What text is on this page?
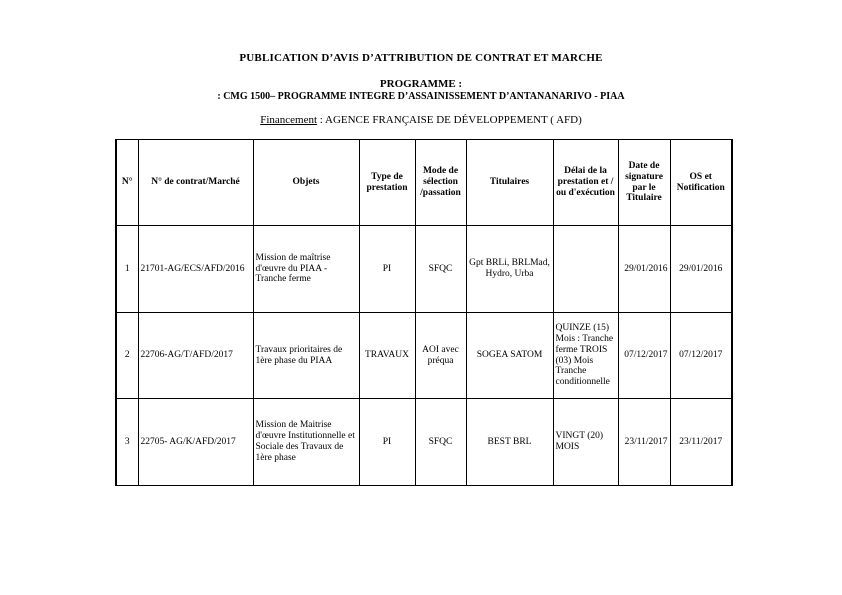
PUBLICATION D’AVIS D’ATTRIBUTION DE CONTRAT ET MARCHE
PROGRAMME :
: CMG 1500– PROGRAMME INTEGRE D’ASSAINISSEMENT D’ANTANANARIVO - PIAA
Financement : AGENCE FRANÇAISE DE DÉVELOPPEMENT ( AFD)
N°	N° de contrat/Marché	Objets	Type de prestation	Mode de sélection /passation	Titulaires	Délai de la prestation et / ou d'exécution	Date de signature par le Titulaire	OS et Notification
1	21701-AG/ECS/AFD/2016	Mission de maîtrise d'œuvre du PIAA - Tranche ferme	PI	SFQC	Gpt BRLi, BRLMad, Hydro, Urba		29/01/2016	29/01/2016
2	22706-AG/T/AFD/2017	Travaux prioritaires de 1ère phase du PIAA	TRAVAUX	AOI avec préqua	SOGEA SATOM	QUINZE (15) Mois : Tranche ferme TROIS (03) Mois Tranche conditionnelle	07/12/2017	07/12/2017
3	22705- AG/K/AFD/2017	Mission de Maitrise d'œuvre Institutionnelle et Sociale des Travaux de 1ère phase	PI	SFQC	BEST BRL	VINGT (20) MOIS	23/11/2017	23/11/2017
